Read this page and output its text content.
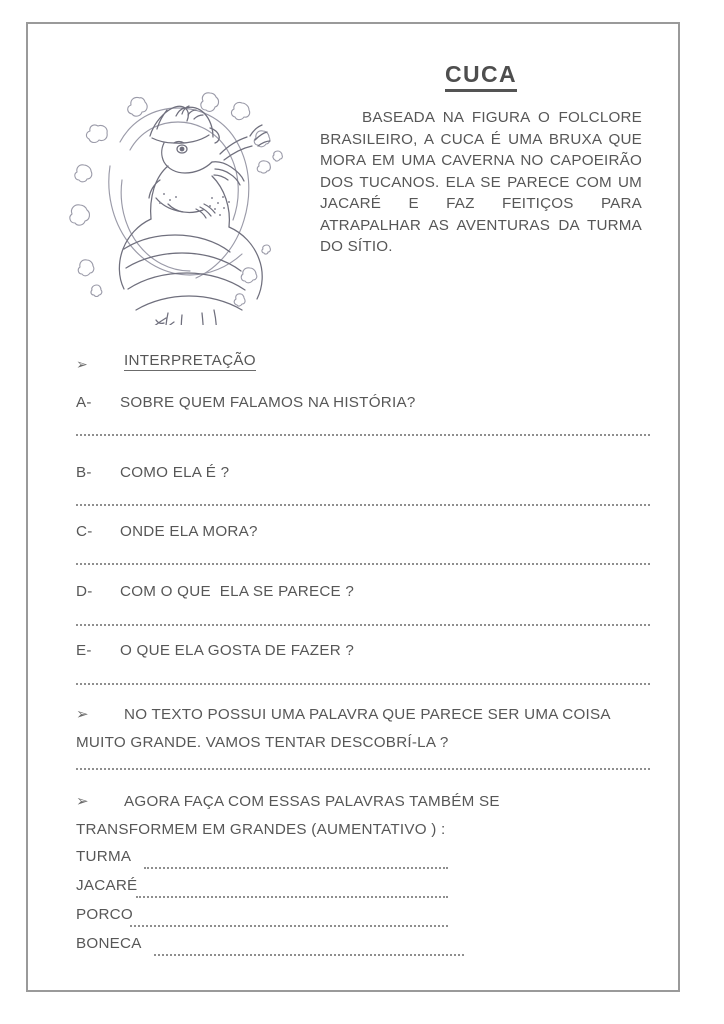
CUCA

BASEADA NA FIGURA O FOLCLORE BRASILEIRO, A CUCA É UMA BRUXA QUE MORA EM UMA CAVERNA NO CAPOEIRÃO DOS TUCANOS. ELA SE PARECE COM UM JACARÉ E FAZ FEITIÇOS PARA ATRAPALHAR AS AVENTURAS DA TURMA DO SÍTIO.

➢ INTERPRETAÇÃO
A- SOBRE QUEM FALAMOS NA HISTÓRIA?
B- COMO ELA É ?
C- ONDE ELA MORA?
D- COM O QUE  ELA SE PARECE ?
E- O QUE ELA GOSTA DE FAZER ?
➢ NO TEXTO POSSUI UMA PALAVRA QUE PARECE SER UMA COISA MUITO GRANDE. VAMOS TENTAR DESCOBRÍ-LA ?
➢ AGORA FAÇA COM ESSAS PALAVRAS TAMBÉM SE TRANSFORMEM EM GRANDES (AUMENTATIVO ) :
TURMA
JACARÉ
PORCO
BONECA
